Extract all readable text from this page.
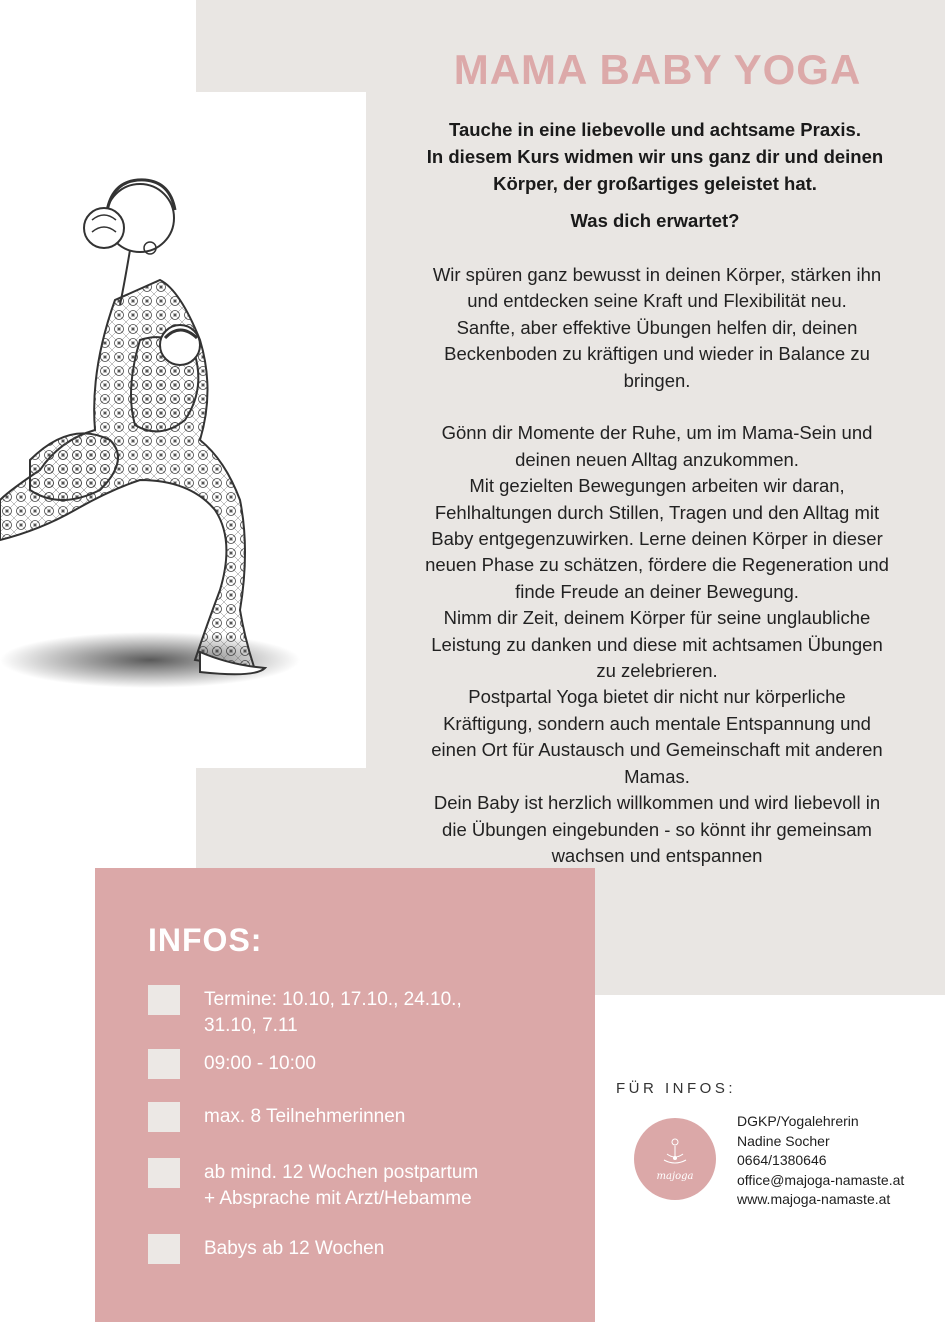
MAMA BABY YOGA

Tauche in eine liebevolle und achtsame Praxis.
In diesem Kurs widmen wir uns ganz dir und deinen
Körper, der großartiges geleistet hat.

Was dich erwartet?

Wir spüren ganz bewusst in deinen Körper, stärken ihn

und entdecken seine Kraft und Flexibilität neu.

Sanfte, aber effektive Übungen helfen dir, deinen

Beckenboden zu kräftigen und wieder in Balance zu

bringen.

Gönn dir Momente der Ruhe, um im Mama-Sein und

deinen neuen Alltag anzukommen.

Mit gezielten Bewegungen arbeiten wir daran,

Fehlhaltungen durch Stillen, Tragen und den Alltag mit

Baby entgegenzuwirken. Lerne deinen Körper in dieser

neuen Phase zu schätzen, fördere die Regeneration und

finde Freude an deiner Bewegung.

Nimm dir Zeit, deinem Körper für seine unglaubliche

Leistung zu danken und diese mit achtsamen Übungen

zu zelebrieren.

Postpartal Yoga bietet dir nicht nur körperliche

Kräftigung, sondern auch mentale Entspannung und

einen Ort für Austausch und Gemeinschaft mit anderen

Mamas.

Dein Baby ist herzlich willkommen und wird liebevoll in

die Übungen eingebunden - so könnt ihr gemeinsam

wachsen und entspannen

INFOS:
Termine: 10.10, 17.10., 24.10.,
31.10, 7.11
09:00 - 10:00
max. 8 Teilnehmerinnen
ab mind. 12 Wochen postpartum
+ Absprache mit Arzt/Hebamme
Babys ab 12 Wochen

FÜR INFOS:

majoga
DGKP/Yogalehrerin
Nadine Socher
0664/1380646
office@majoga-namaste.at
www.majoga-namaste.at
